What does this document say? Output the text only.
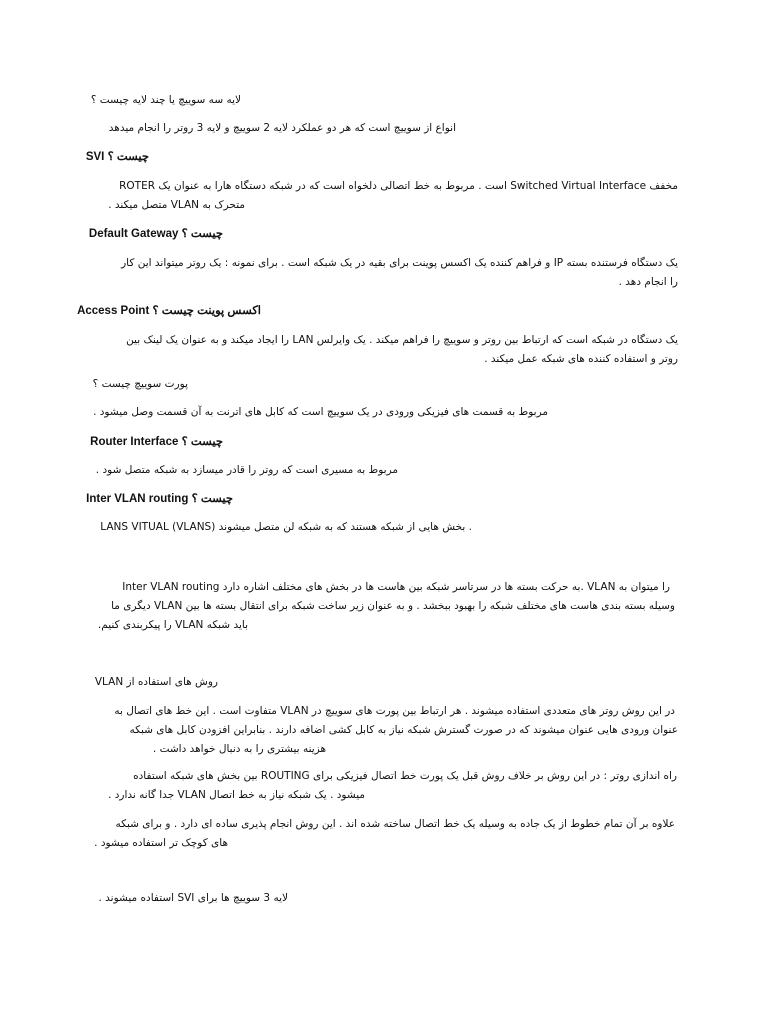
لایه سه سوییچ یا چند لایه چیست ؟
انواع از سوییچ است که هر دو عملکرد لایه 2 سوییچ و لایه 3 روتر را انجام میدهد
SVI چیست ؟
مخفف Switched Virtual Interface است . مربوط به خط اتصالی دلخواه است که در شبکه دستگاه هارا به عنوان یک ROTER
متحرک به VLAN متصل میکند .
Default Gateway چیست ؟
یک دستگاه فرستنده بسته IP و فراهم کننده یک اکسس پوینت برای بقیه در یک شبکه است . برای نمونه : یک روتر میتواند این کار
را انجام دهد .
Access Point اکسس پوینت چیست ؟
یک دستگاه در شبکه است که ارتباط بین روتر و سوییچ را فراهم میکند . یک وایرلس LAN را ایجاد میکند و به عنوان یک لینک بین
روتر و استفاده کننده های شبکه عمل میکند .
پورت سوییچ چیست ؟
مربوط به قسمت های فیزیکی ورودی در یک سوییچ است که کابل های اترنت به آن قسمت وصل میشود .
Router Interface چیست ؟
مربوط به مسیری است که روتر را قادر میسازد به شبکه متصل شود .
Inter VLAN routing چیست ؟
LANS VITUAL (VLANS) بخش هایی از شبکه هستند که به شبکه لن متصل میشوند .
Inter VLAN routing به حرکت بسته ها در سرتاسر شبکه بین هاست ها در بخش های مختلف اشاره دارد. VLAN را میتوان به
وسیله بسته بندی هاست های مختلف شبکه را بهبود ببخشد . و به عنوان زیر ساخت شبکه برای انتقال بسته ها بین VLAN دیگری ما
باید شبکه VLAN را پیکربندی کنیم.
روش های استفاده از VLAN
در این روش روتر های متعددی استفاده میشوند . هر ارتباط بین پورت های سوییچ در VLAN متفاوت است . این خط های اتصال به
عنوان ورودی هایی عنوان میشوند که در صورت گسترش شبکه نیاز به کابل کشی اضافه دارند . بنابراین افزودن کابل های شبکه
هزینه بیشتری را به دنبال خواهد داشت .
راه اندازی روتر : در این روش بر خلاف روش قبل یک پورت خط اتصال فیزیکی برای ROUTING بین بخش های شبکه استفاده
میشود . یک شبکه نیاز به خط اتصال VLAN جدا گانه ندارد .
علاوه بر آن تمام خطوط از یک جاده به وسیله یک خط اتصال ساخته شده اند . این روش انجام پذیری ساده ای دارد . و برای شبکه
های کوچک تر استفاده میشود .
لایه 3 سوییچ ها برای SVI استفاده میشوند .
